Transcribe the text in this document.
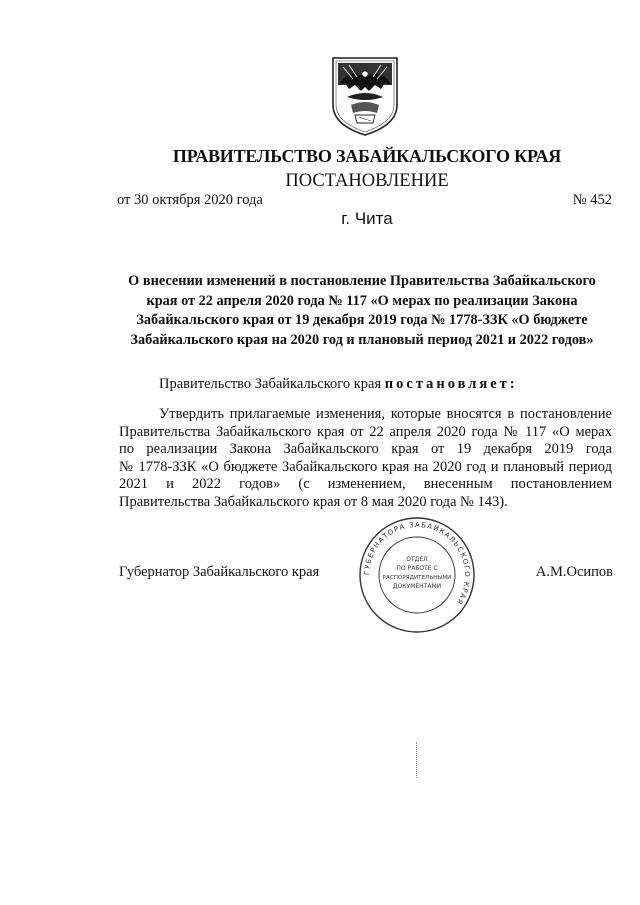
ПРАВИТЕЛЬСТВО ЗАБАЙКАЛЬСКОГО КРАЯ
ПОСТАНОВЛЕНИЕ
от 30 октября 2020 года	№ 452
г. Чита
О внесении изменений в постановление Правительства Забайкальского
края от 22 апреля 2020 года № 117 «О мерах по реализации Закона
Забайкальского края от 19 декабря 2019 года № 1778-ЗЗК «О бюджете
Забайкальского края на 2020 год и плановый период 2021 и 2022 годов»
Правительство Забайкальского края постановляет:
Утвердить прилагаемые изменения, которые вносятся в постановление
Правительства Забайкальского края от 22 апреля 2020 года № 117 «О мерах
по реализации Закона Забайкальского края от 19 декабря 2019 года
№ 1778-ЗЗК «О бюджете Забайкальского края на 2020 год и плановый период
2021 и 2022 годов» (с изменением, внесенным постановлением
Правительства Забайкальского края от 8 мая 2020 года № 143).
Губернатор Забайкальского края	А.М.Осипов
ГУБЕРНАТОРА ЗАБАЙКАЛЬСКОГО КРАЯ
ОТДЕЛ
ПО РАБОТЕ С
РАСПОРЯДИТЕЛЬНЫМИ
ДОКУМЕНТАМИ
